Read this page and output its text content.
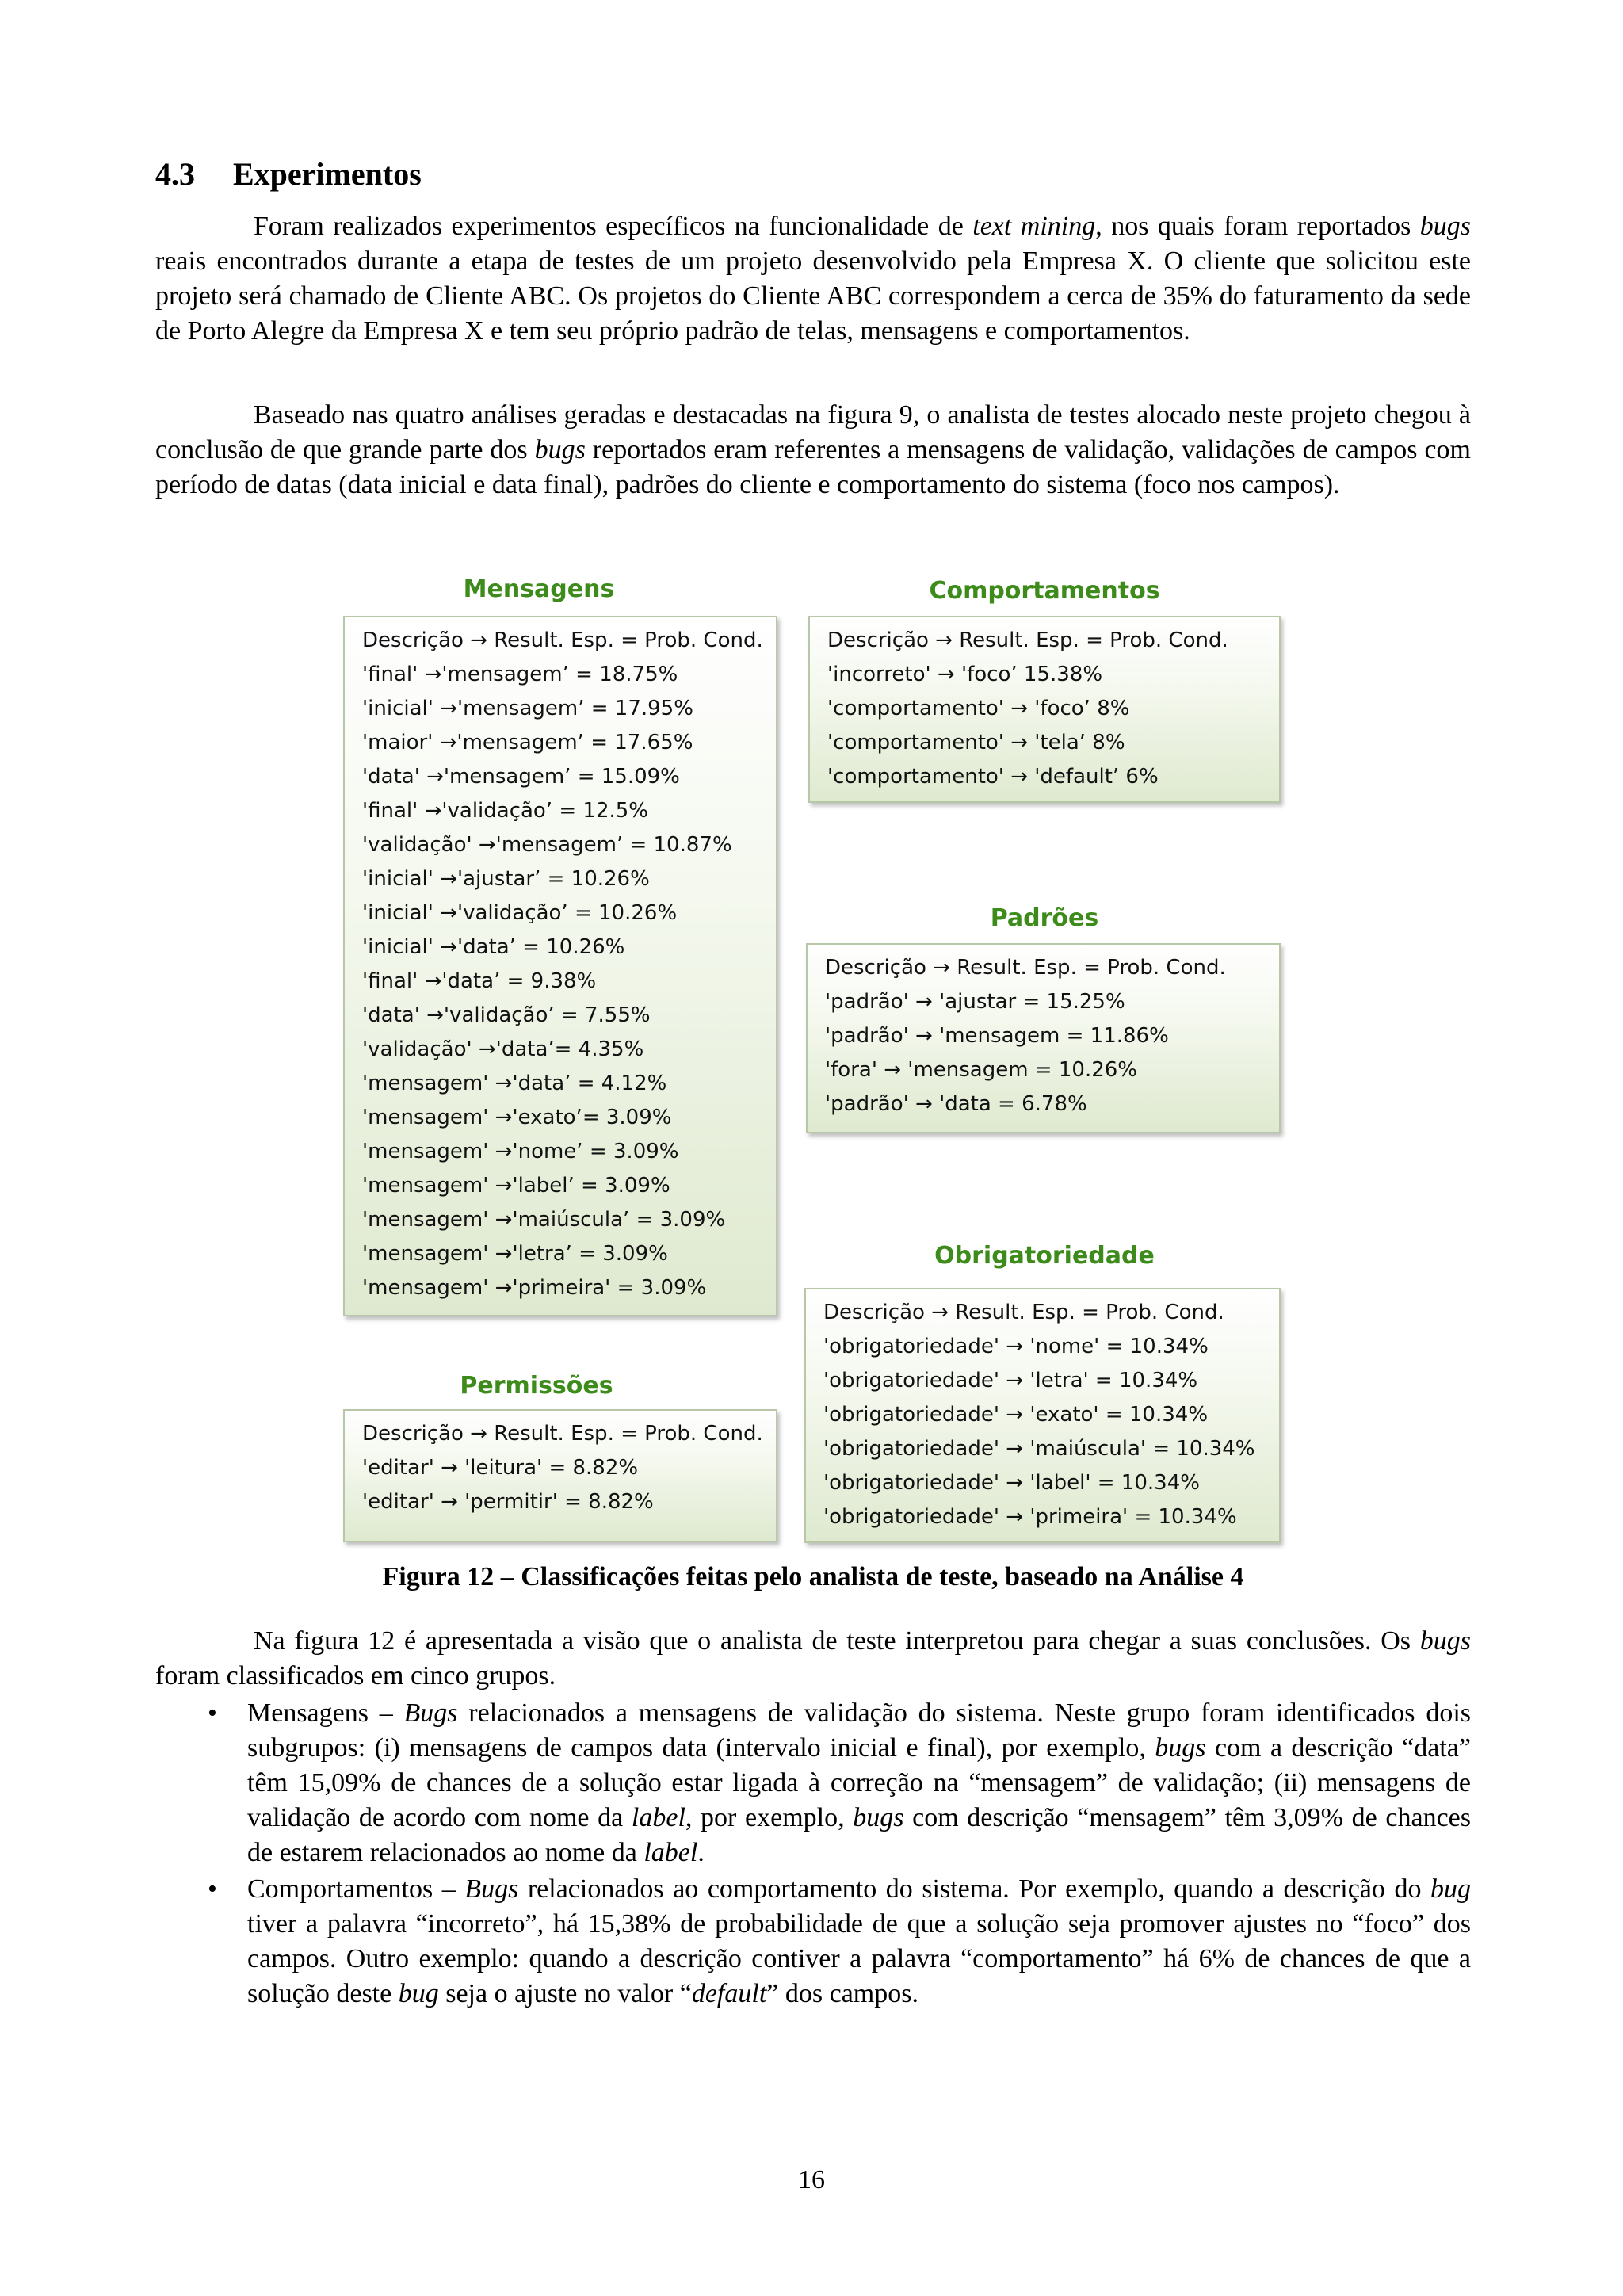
4.3 Experimentos

Foram realizados experimentos específicos na funcionalidade de text mining, nos quais foram reportados bugs reais encontrados durante a etapa de testes de um projeto desenvolvido pela Empresa X. O cliente que solicitou este projeto será chamado de Cliente ABC. Os projetos do Cliente ABC correspondem a cerca de 35% do faturamento da sede de Porto Alegre da Empresa X e tem seu próprio padrão de telas, mensagens e comportamentos.

Baseado nas quatro análises geradas e destacadas na figura 9, o analista de testes alocado neste projeto chegou à conclusão de que grande parte dos bugs reportados eram referentes a mensagens de validação, validações de campos com período de datas (data inicial e data final), padrões do cliente e comportamento do sistema (foco nos campos).

Mensagens
Descrição → Result. Esp. = Prob. Cond.
'final' →'mensagem’ = 18.75%
'inicial' →'mensagem’ = 17.95%
'maior' →'mensagem’ = 17.65%
'data' →'mensagem’ = 15.09%
'final' →'validação’ = 12.5%
'validação' →'mensagem’ = 10.87%
'inicial' →'ajustar’ = 10.26%
'inicial' →'validação’ = 10.26%
'inicial' →'data’ = 10.26%
'final' →'data’ = 9.38%
'data' →'validação’ = 7.55%
'validação' →'data’= 4.35%
'mensagem' →'data’ = 4.12%
'mensagem' →'exato’= 3.09%
'mensagem' →'nome’ = 3.09%
'mensagem' →'label’ = 3.09%
'mensagem' →'maiúscula’ = 3.09%
'mensagem' →'letra’ = 3.09%
'mensagem' →'primeira' = 3.09%
Comportamentos
Descrição → Result. Esp. = Prob. Cond.
'incorreto' → 'foco’ 15.38%
'comportamento' → 'foco’ 8%
'comportamento' → 'tela’ 8%
'comportamento' → 'default’ 6%
Padrões
Descrição → Result. Esp. = Prob. Cond.
'padrão' → 'ajustar = 15.25%
'padrão' → 'mensagem = 11.86%
'fora' → 'mensagem = 10.26%
'padrão' → 'data = 6.78%
Obrigatoriedade
Descrição → Result. Esp. = Prob. Cond.
'obrigatoriedade' → 'nome' = 10.34%
'obrigatoriedade' → 'letra' = 10.34%
'obrigatoriedade' → 'exato' = 10.34%
'obrigatoriedade' → 'maiúscula' = 10.34%
'obrigatoriedade' → 'label' = 10.34%
'obrigatoriedade' → 'primeira' = 10.34%
Permissões
Descrição → Result. Esp. = Prob. Cond.
'editar' → 'leitura' = 8.82%
'editar' → 'permitir' = 8.82%
Figura 12 – Classificações feitas pelo analista de teste, baseado na Análise 4

Na figura 12 é apresentada a visão que o analista de teste interpretou para chegar a suas conclusões. Os bugs foram classificados em cinco grupos.

• Mensagens – Bugs relacionados a mensagens de validação do sistema. Neste grupo foram identificados dois subgrupos: (i) mensagens de campos data (intervalo inicial e final), por exemplo, bugs com a descrição “data” têm 15,09% de chances de a solução estar ligada à correção na “mensagem” de validação; (ii) mensagens de validação de acordo com nome da label, por exemplo, bugs com descrição “mensagem” têm 3,09% de chances de estarem relacionados ao nome da label.
• Comportamentos – Bugs relacionados ao comportamento do sistema. Por exemplo, quando a descrição do bug tiver a palavra “incorreto”, há 15,38% de probabilidade de que a solução seja promover ajustes no “foco” dos campos. Outro exemplo: quando a descrição contiver a palavra “comportamento” há 6% de chances de que a solução deste bug seja o ajuste no valor “default” dos campos.
16
